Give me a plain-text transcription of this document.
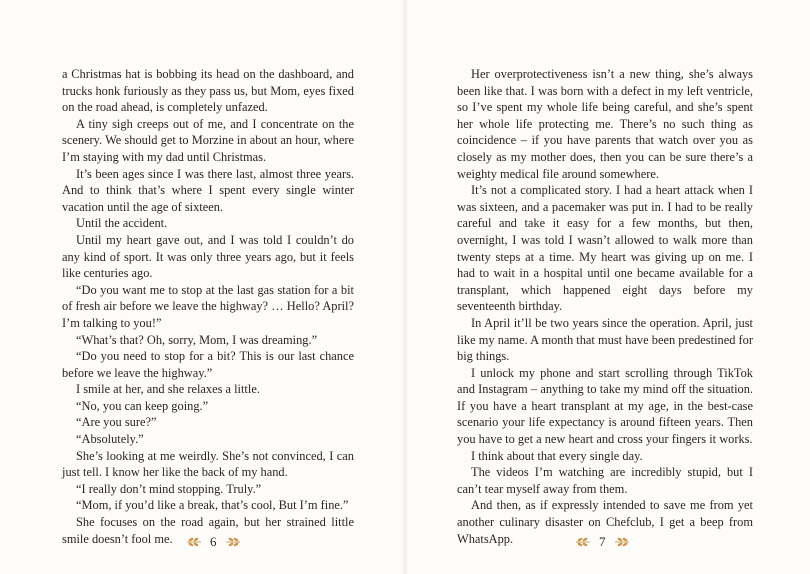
a Christmas hat is bobbing its head on the dashboard, and trucks honk furiously as they pass us, but Mom, eyes fixed on the road ahead, is completely unfazed.

A tiny sigh creeps out of me, and I concentrate on the scenery. We should get to Morzine in about an hour, where I’m staying with my dad until Christmas.

It’s been ages since I was there last, almost three years. And to think that’s where I spent every single winter vacation until the age of sixteen.

Until the accident.

Until my heart gave out, and I was told I couldn’t do any kind of sport. It was only three years ago, but it feels like centuries ago.

“Do you want me to stop at the last gas station for a bit of fresh air before we leave the highway? … Hello? April? I’m talking to you!”

“What’s that? Oh, sorry, Mom, I was dreaming.”

“Do you need to stop for a bit? This is our last chance before we leave the highway.”

I smile at her, and she relaxes a little.

“No, you can keep going.”

“Are you sure?”

“Absolutely.”

She’s looking at me weirdly. She’s not convinced, I can just tell. I know her like the back of my hand.

“I really don’t mind stopping. Truly.”

“Mom, if you’d like a break, that’s cool, But I’m fine.”

She focuses on the road again, but her strained little smile doesn’t fool me.	6

Her overprotectiveness isn’t a new thing, she’s always been like that. I was born with a defect in my left ventricle, so I’ve spent my whole life being careful, and she’s spent her whole life protecting me. There’s no such thing as coincidence – if you have parents that watch over you as closely as my mother does, then you can be sure there’s a weighty medical file around somewhere.

It’s not a complicated story. I had a heart attack when I was sixteen, and a pacemaker was put in. I had to be really careful and take it easy for a few months, but then, overnight, I was told I wasn’t allowed to walk more than twenty steps at a time. My heart was giving up on me. I had to wait in a hospital until one became available for a transplant, which happened eight days before my seventeenth birthday.

In April it’ll be two years since the operation. April, just like my name. A month that must have been predestined for big things.

I unlock my phone and start scrolling through TikTok and Instagram – anything to take my mind off the situation. If you have a heart transplant at my age, in the best-case scenario your life expectancy is around fifteen years. Then you have to get a new heart and cross your fingers it works.

I think about that every single day.

The videos I’m watching are incredibly stupid, but I can’t tear myself away from them.

And then, as if expressly intended to save me from yet another culinary disaster on Chefclub, I get a beep from WhatsApp.	7
